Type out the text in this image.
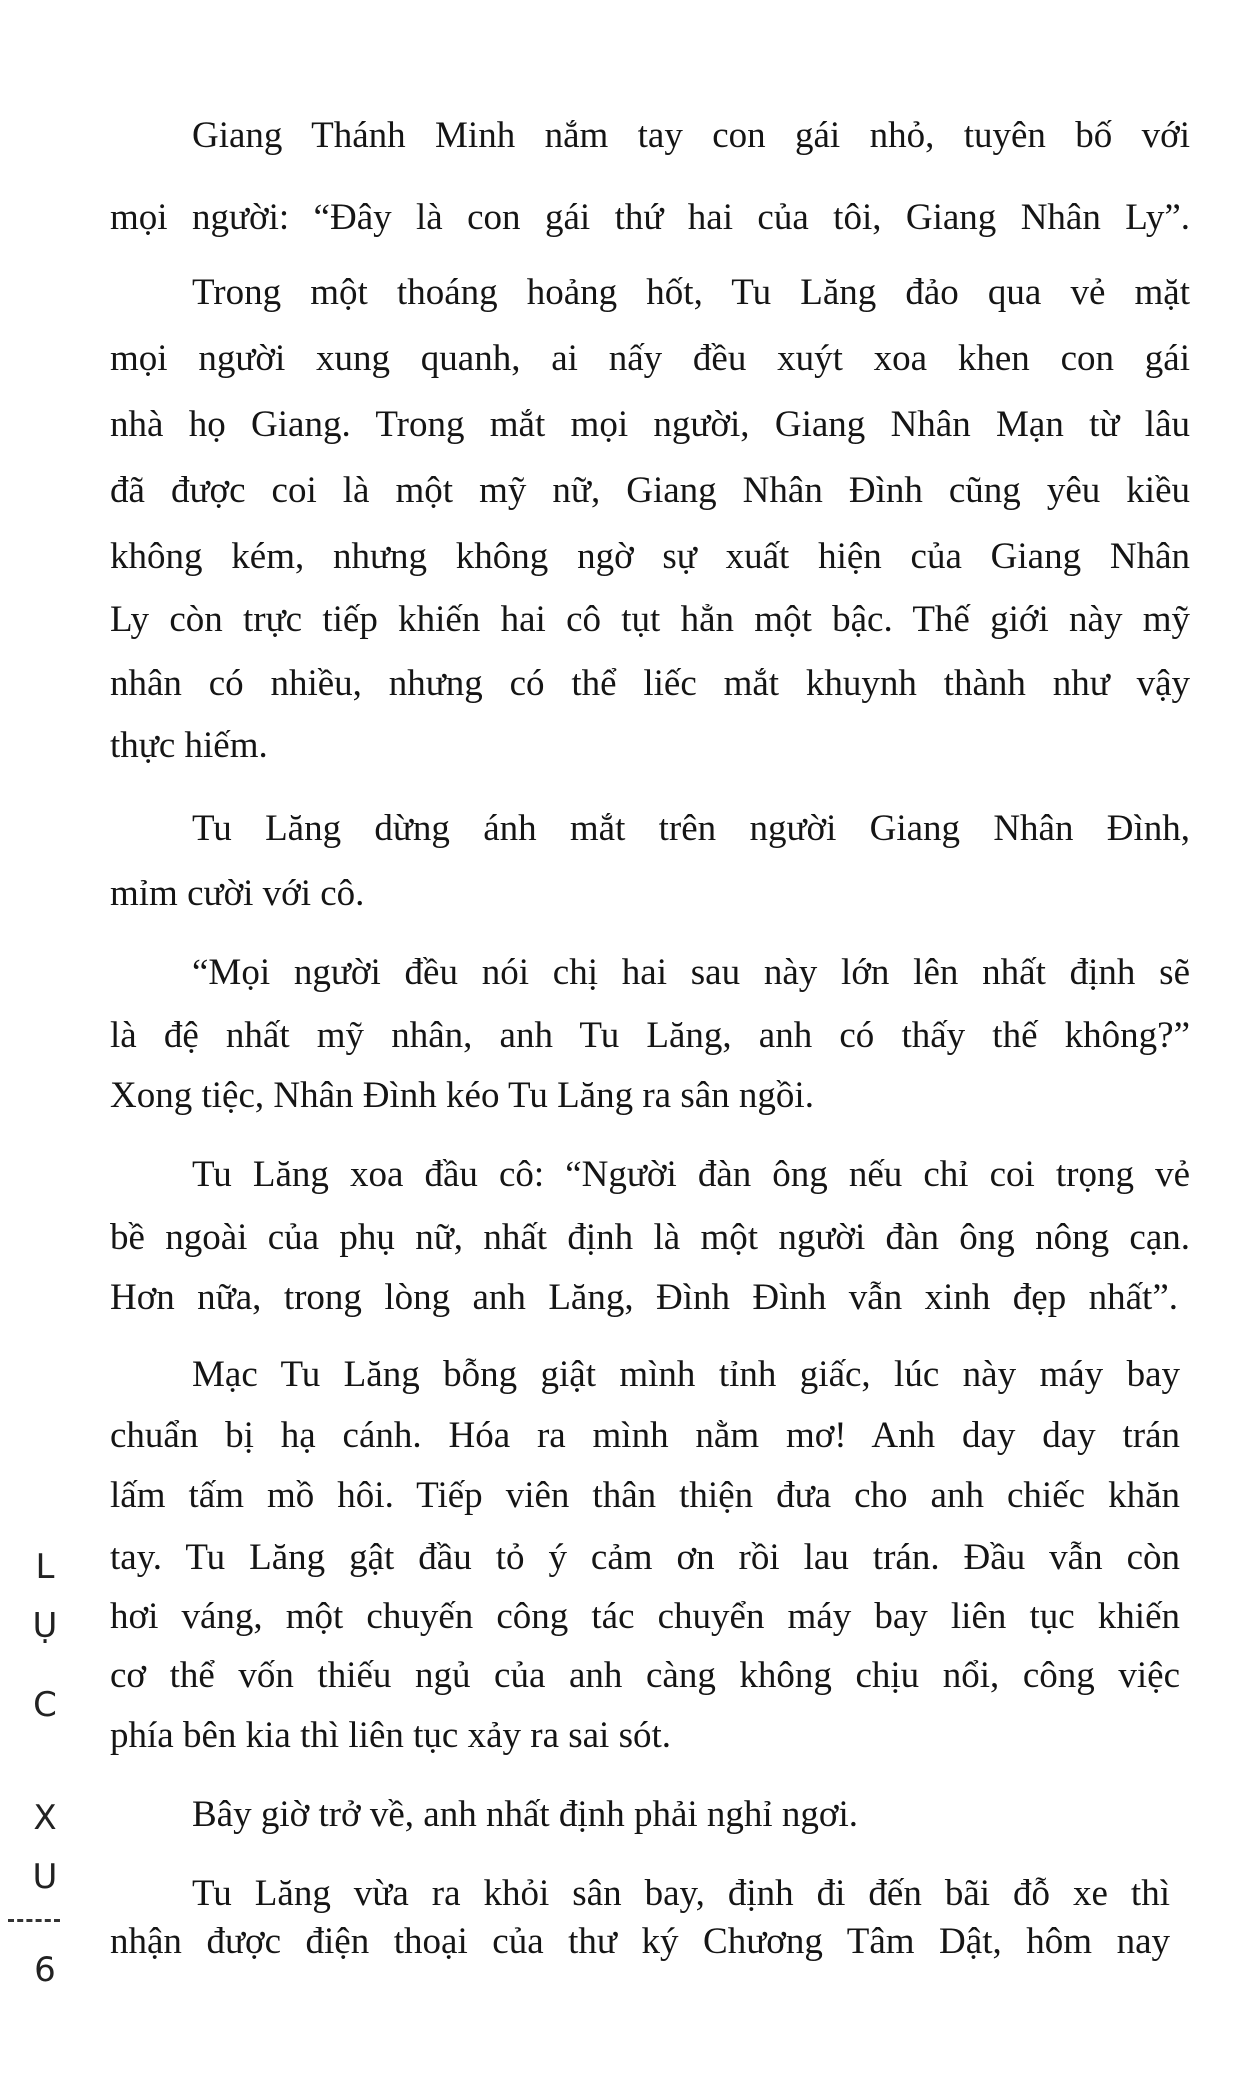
Giang Thánh Minh nắm tay con gái nhỏ, tuyên bố với
mọi người: “Đây là con gái thứ hai của tôi, Giang Nhân Ly”.
Trong một thoáng hoảng hốt, Tu Lăng đảo qua vẻ mặt
mọi người xung quanh, ai nấy đều xuýt xoa khen con gái
nhà họ Giang. Trong mắt mọi người, Giang Nhân Mạn từ lâu
đã được coi là một mỹ nữ, Giang Nhân Đình cũng yêu kiều
không kém, nhưng không ngờ sự xuất hiện của Giang Nhân
Ly còn trực tiếp khiến hai cô tụt hẳn một bậc. Thế giới này mỹ
nhân có nhiều, nhưng có thể liếc mắt khuynh thành như vậy
thực hiếm.
Tu Lăng dừng ánh mắt trên người Giang Nhân Đình,
mỉm cười với cô.
“Mọi người đều nói chị hai sau này lớn lên nhất định sẽ
là đệ nhất mỹ nhân, anh Tu Lăng, anh có thấy thế không?”
Xong tiệc, Nhân Đình kéo Tu Lăng ra sân ngồi.
Tu Lăng xoa đầu cô: “Người đàn ông nếu chỉ coi trọng vẻ
bề ngoài của phụ nữ, nhất định là một người đàn ông nông cạn.
Hơn nữa, trong lòng anh Lăng, Đình Đình vẫn xinh đẹp nhất”.
Mạc Tu Lăng bỗng giật mình tỉnh giấc, lúc này máy bay
chuẩn bị hạ cánh. Hóa ra mình nằm mơ! Anh day day trán
lấm tấm mồ hôi. Tiếp viên thân thiện đưa cho anh chiếc khăn
tay. Tu Lăng gật đầu tỏ ý cảm ơn rồi lau trán. Đầu vẫn còn
hơi váng, một chuyến công tác chuyển máy bay liên tục khiến
cơ thể vốn thiếu ngủ của anh càng không chịu nổi, công việc
phía bên kia thì liên tục xảy ra sai sót.
Bây giờ trở về, anh nhất định phải nghỉ ngơi.
Tu Lăng vừa ra khỏi sân bay, định đi đến bãi đỗ xe thì
nhận được điện thoại của thư ký Chương Tâm Dật, hôm nay
L
Ụ
C
X
U
6
